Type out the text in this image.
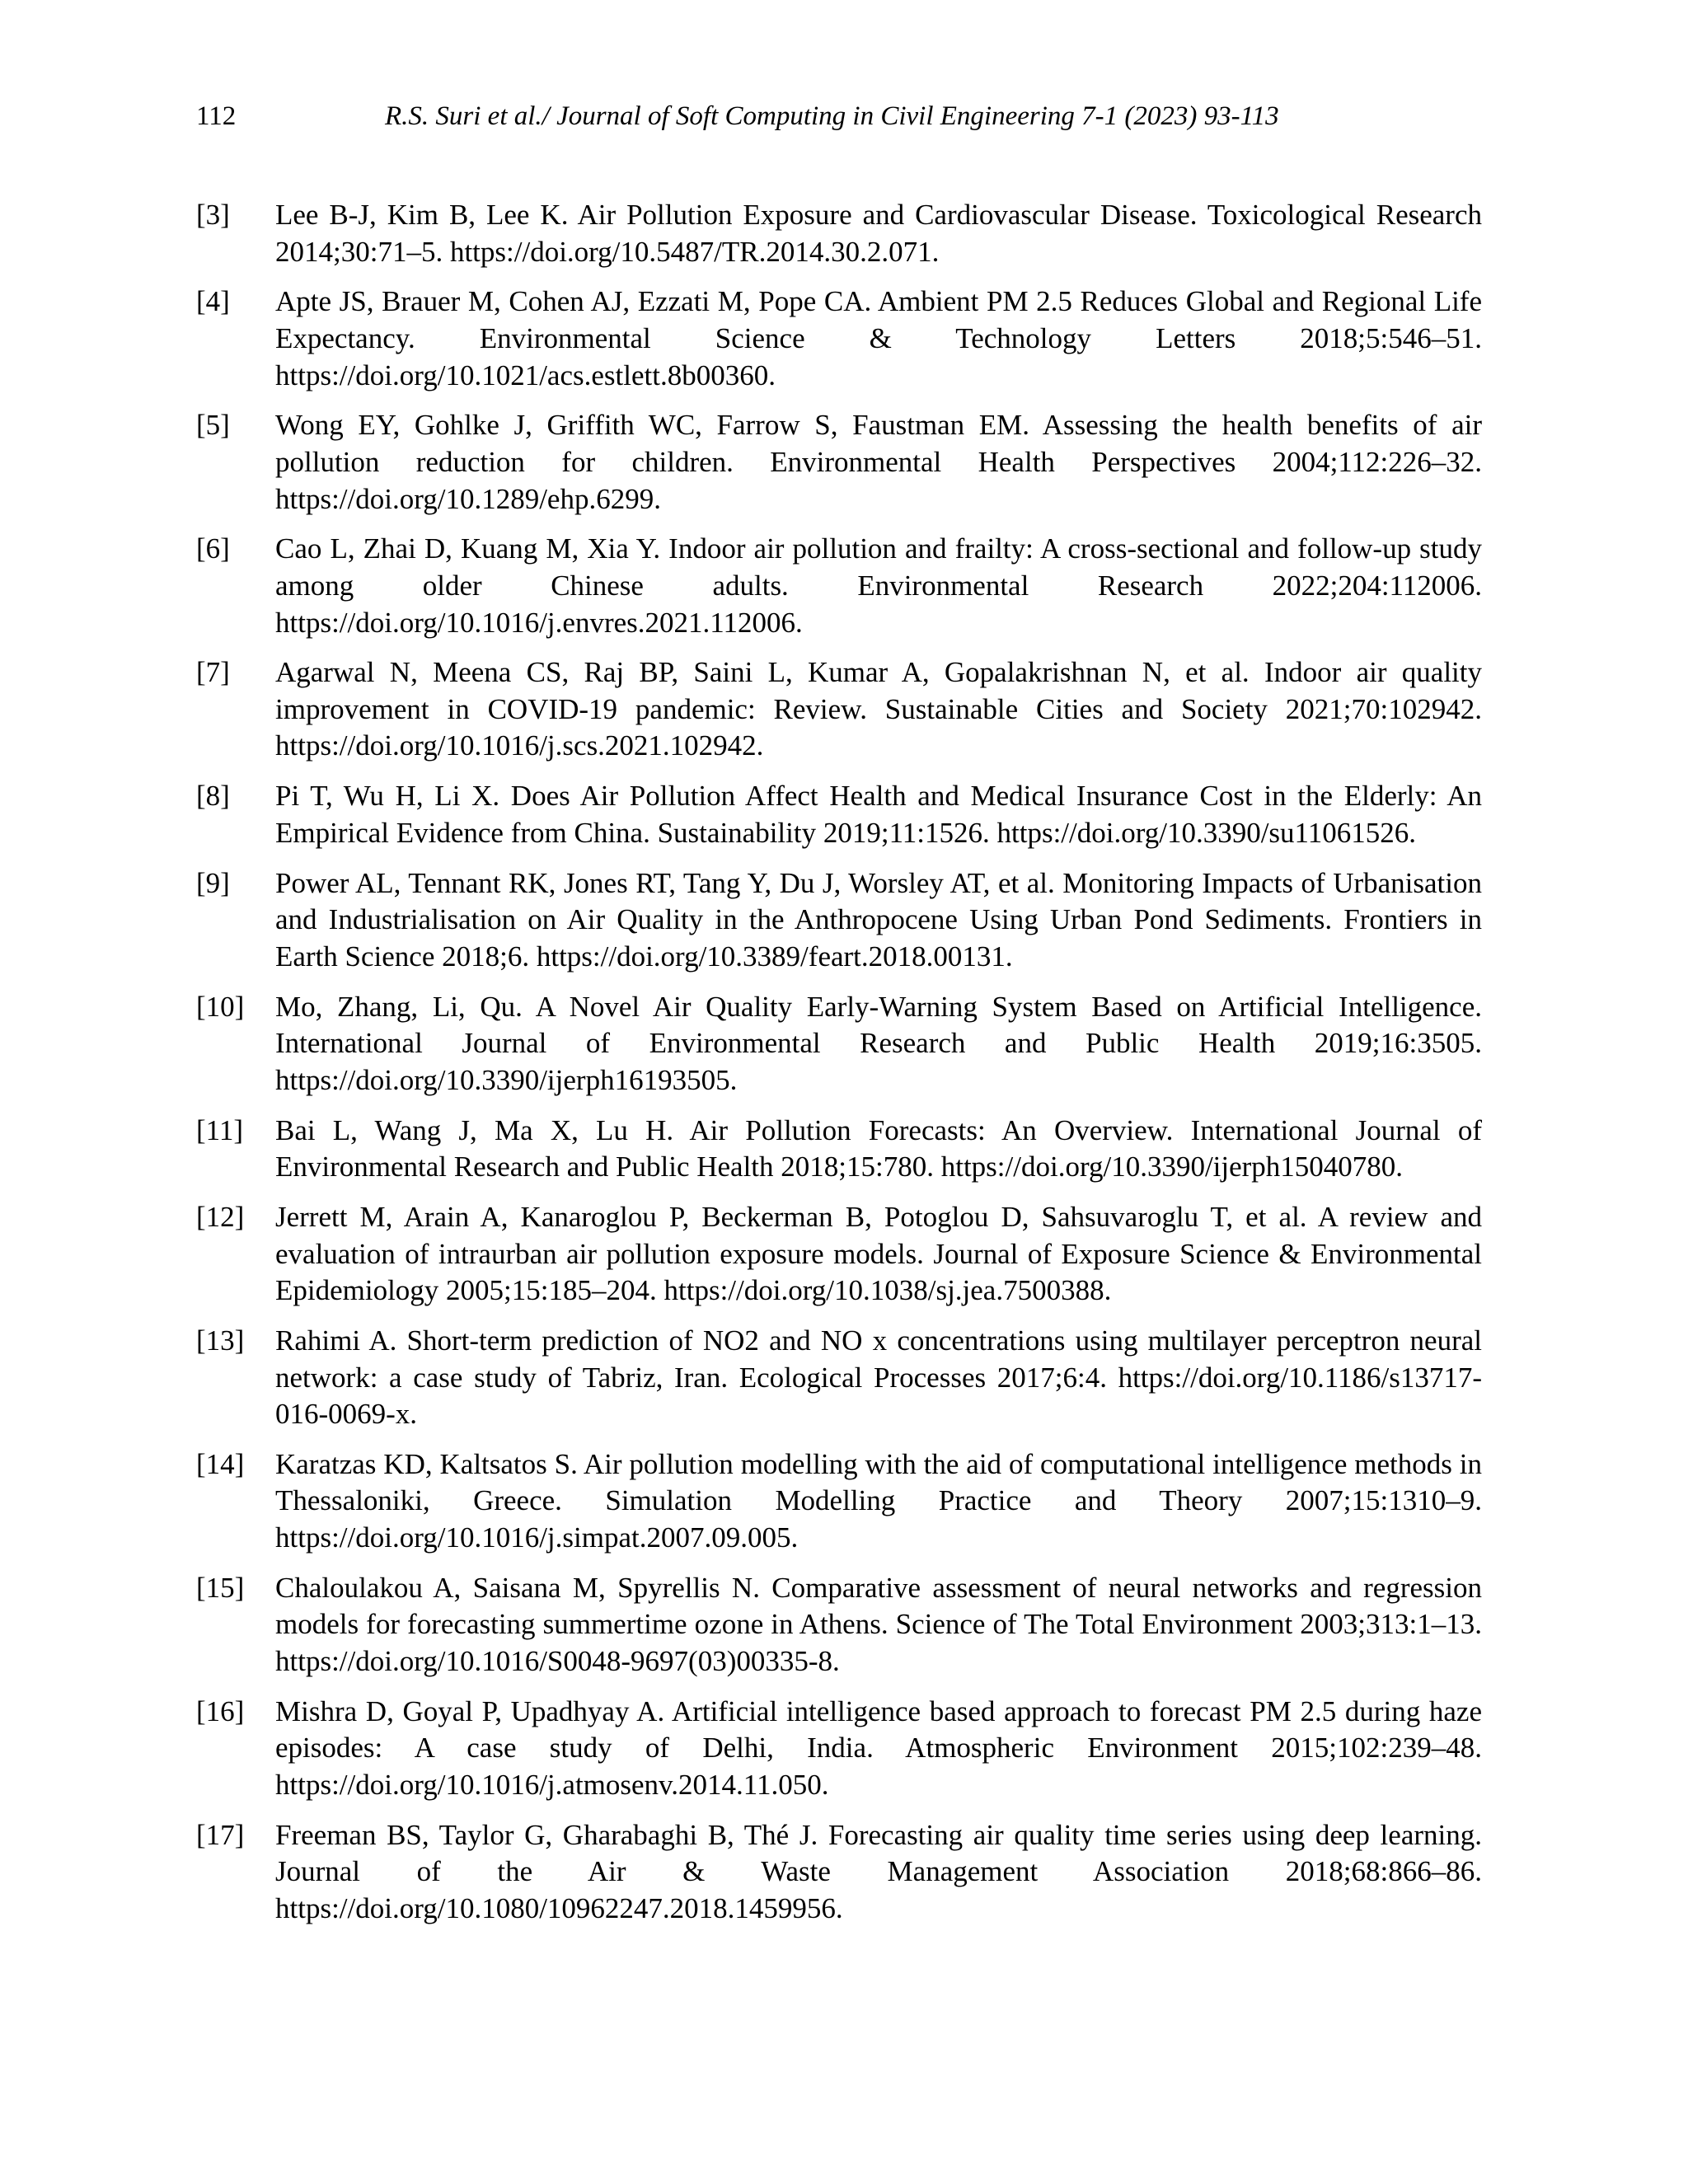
112	R.S. Suri et al./ Journal of Soft Computing in Civil Engineering 7-1 (2023) 93-113
[3] Lee B-J, Kim B, Lee K. Air Pollution Exposure and Cardiovascular Disease. Toxicological Research 2014;30:71–5. https://doi.org/10.5487/TR.2014.30.2.071.
[4] Apte JS, Brauer M, Cohen AJ, Ezzati M, Pope CA. Ambient PM 2.5 Reduces Global and Regional Life Expectancy. Environmental Science & Technology Letters 2018;5:546–51. https://doi.org/10.1021/acs.estlett.8b00360.
[5] Wong EY, Gohlke J, Griffith WC, Farrow S, Faustman EM. Assessing the health benefits of air pollution reduction for children. Environmental Health Perspectives 2004;112:226–32. https://doi.org/10.1289/ehp.6299.
[6] Cao L, Zhai D, Kuang M, Xia Y. Indoor air pollution and frailty: A cross-sectional and follow-up study among older Chinese adults. Environmental Research 2022;204:112006. https://doi.org/10.1016/j.envres.2021.112006.
[7] Agarwal N, Meena CS, Raj BP, Saini L, Kumar A, Gopalakrishnan N, et al. Indoor air quality improvement in COVID-19 pandemic: Review. Sustainable Cities and Society 2021;70:102942. https://doi.org/10.1016/j.scs.2021.102942.
[8] Pi T, Wu H, Li X. Does Air Pollution Affect Health and Medical Insurance Cost in the Elderly: An Empirical Evidence from China. Sustainability 2019;11:1526. https://doi.org/10.3390/su11061526.
[9] Power AL, Tennant RK, Jones RT, Tang Y, Du J, Worsley AT, et al. Monitoring Impacts of Urbanisation and Industrialisation on Air Quality in the Anthropocene Using Urban Pond Sediments. Frontiers in Earth Science 2018;6. https://doi.org/10.3389/feart.2018.00131.
[10] Mo, Zhang, Li, Qu. A Novel Air Quality Early-Warning System Based on Artificial Intelligence. International Journal of Environmental Research and Public Health 2019;16:3505. https://doi.org/10.3390/ijerph16193505.
[11] Bai L, Wang J, Ma X, Lu H. Air Pollution Forecasts: An Overview. International Journal of Environmental Research and Public Health 2018;15:780. https://doi.org/10.3390/ijerph15040780.
[12] Jerrett M, Arain A, Kanaroglou P, Beckerman B, Potoglou D, Sahsuvaroglu T, et al. A review and evaluation of intraurban air pollution exposure models. Journal of Exposure Science & Environmental Epidemiology 2005;15:185–204. https://doi.org/10.1038/sj.jea.7500388.
[13] Rahimi A. Short-term prediction of NO2 and NO x concentrations using multilayer perceptron neural network: a case study of Tabriz, Iran. Ecological Processes 2017;6:4. https://doi.org/10.1186/s13717-016-0069-x.
[14] Karatzas KD, Kaltsatos S. Air pollution modelling with the aid of computational intelligence methods in Thessaloniki, Greece. Simulation Modelling Practice and Theory 2007;15:1310–9. https://doi.org/10.1016/j.simpat.2007.09.005.
[15] Chaloulakou A, Saisana M, Spyrellis N. Comparative assessment of neural networks and regression models for forecasting summertime ozone in Athens. Science of The Total Environment 2003;313:1–13. https://doi.org/10.1016/S0048-9697(03)00335-8.
[16] Mishra D, Goyal P, Upadhyay A. Artificial intelligence based approach to forecast PM 2.5 during haze episodes: A case study of Delhi, India. Atmospheric Environment 2015;102:239–48. https://doi.org/10.1016/j.atmosenv.2014.11.050.
[17] Freeman BS, Taylor G, Gharabaghi B, Thé J. Forecasting air quality time series using deep learning. Journal of the Air & Waste Management Association 2018;68:866–86. https://doi.org/10.1080/10962247.2018.1459956.
